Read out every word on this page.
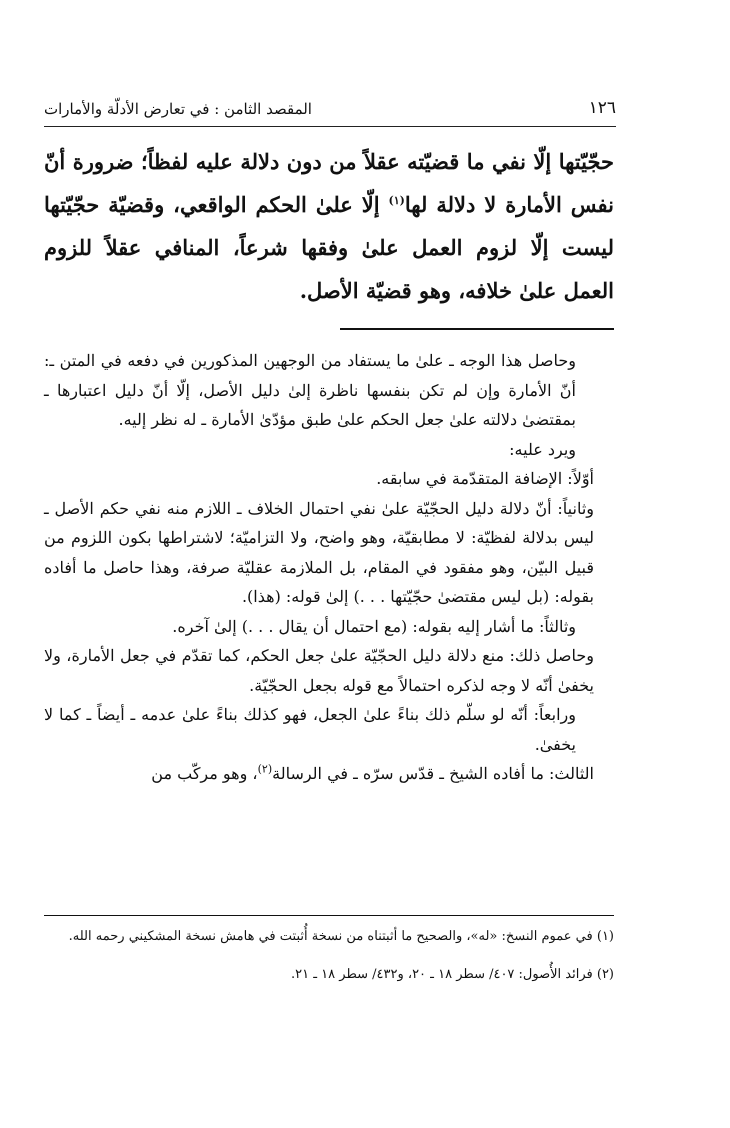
١٢٦
المقصد الثامن : في تعارض الأدلّة والأمارات

حجّيّتها إلّا نفي ما قضيّته عقلاً من دون دلالة عليه لفظاً؛ ضرورة أنّ نفس الأمارة لا دلالة لها$^{(١)}$ إلّا علىٰ الحكم الواقعي، وقضيّة حجّيّتها ليست إلّا لزوم العمل علىٰ وفقها شرعاً، المنافي عقلاً للزوم العمل علىٰ خلافه، وهو قضيّة الأصل.

وحاصل هذا الوجه ـ علىٰ ما يستفاد من الوجهين المذكورين في دفعه في المتن ـ: أنّ الأمارة وإن لم تكن بنفسها ناظرة إلىٰ دليل الأصل، إلّا أنّ دليل اعتبارها ـ بمقتضىٰ دلالته علىٰ جعل الحكم علىٰ طبق مؤدّىٰ الأمارة ـ له نظر إليه.

ويرد عليه:

أوّلاً: الإضافة المتقدّمة في سابقه.

وثانياً: أنّ دلالة دليل الحجّيّة علىٰ نفي احتمال الخلاف ـ اللازم منه نفي حكم الأصل ـ ليس بدلالة لفظيّة: لا مطابقيّة، وهو واضح، ولا التزاميّة؛ لاشتراطها بكون اللزوم من قبيل البيّن، وهو مفقود في المقام، بل الملازمة عقليّة صرفة، وهذا حاصل ما أفاده بقوله: (بل ليس مقتضىٰ حجّيّتها . . .) إلىٰ قوله: (هذا).

وثالثاً: ما أشار إليه بقوله: (مع احتمال أن يقال . . .) إلىٰ آخره.

وحاصل ذلك: منع دلالة دليل الحجّيّة علىٰ جعل الحكم، كما تقدّم في جعل الأمارة، ولا يخفىٰ أنّه لا وجه لذكره احتمالاً مع قوله بجعل الحجّيّة.

ورابعاً: أنّه لو سلّم ذلك بناءً علىٰ الجعل، فهو كذلك بناءً علىٰ عدمه ـ أيضاً ـ كما لا يخفىٰ.

الثالث: ما أفاده الشيخ ـ قدّس سرّه ـ في الرسالة$^{(٢)}$، وهو مركّب من

(١) في عموم النسخ: «له»، والصحيح ما أثبتناه من نسخة أُثبتت في هامش نسخة المشكيني رحمه الله.

(٢) فرائد الأُصول: ٤٠٧/ سطر ١٨ ـ ٢٠، و٤٣٢/ سطر ١٨ ـ ٢١.
